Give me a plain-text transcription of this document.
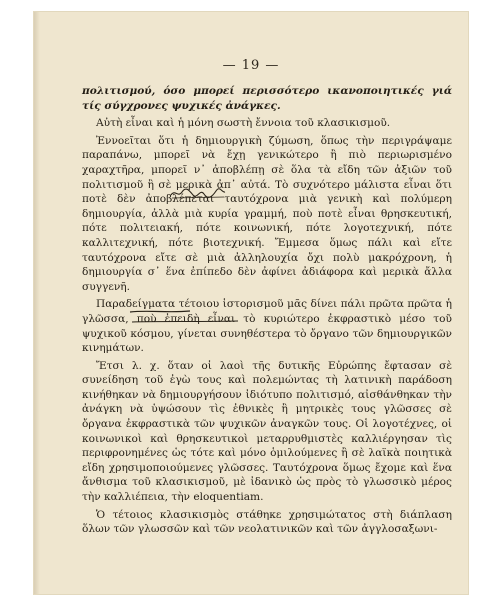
— 19 —

πολιτισμού, όσο μπορεί περισσότερο ικανοποιητικές γιά τίς σύγχρονες ψυχικές ἀνάγκες.

Αὐτὴ εἶναι καὶ ἡ μόνη σωστὴ ἔννοια τοῦ κλασικισμοῦ.

Ἐννοεῖται ὅτι ἡ δημιουργικὴ ζύμωση, ὅπως τὴν περιγράψαμε παραπάνω, μπορεῖ νὰ ἔχῃ γενικώτερο ἢ πιὸ περιωρισμένο χαραχτῆρα, μπορεῖ ν᾿ ἀποβλέπῃ σὲ ὅλα τὰ εἴδη τῶν ἀξιῶν τοῦ πολιτισμοῦ ἢ σὲ μερικὰ ἀπ᾿ αὐτά. Τὸ συχνότερο μάλιστα εἶναι ὅτι ποτὲ δὲν ἀποβλέπεται ταυτόχρονα μιὰ γενικὴ καὶ πολύμερη δημιουργία, ἀλλὰ μιὰ κυρία γραμμή, ποὺ ποτὲ εἶναι θρησκευτική, πότε πολιτειακή, πότε κοινωνική, πότε λογοτεχνική, πότε καλλιτεχνική, πότε βιοτεχνική. Ἔμμεσα ὅμως πάλι καὶ εἴτε ταυτόχρονα εἴτε σὲ μιὰ ἀλληλουχία ὄχι πολὺ μακρόχρονη, ἡ δημιουργία σ᾿ ἕνα ἐπίπεδο δὲν ἀφίνει ἀδιάφορα καὶ μερικὰ ἄλλα συγγενῆ.

Παραδείγματα τέτοιου ἱστορισμοῦ μᾶς δίνει πάλι πρῶτα πρῶτα ἡ γλῶσσα, ποὺ ἐπειδὴ εἶναι τὸ κυριώτερο ἐκφραστικὸ μέσο τοῦ ψυχικοῦ κόσμου, γίνεται συνηθέστερα τὸ ὄργανο τῶν δημιουργικῶν κινημάτων.

Ἔτσι λ. χ. ὅταν οἱ λαοὶ τῆς δυτικῆς Εὐρώπης ἔφτασαν σὲ συνείδηση τοῦ ἐγὼ τους καὶ πολεμώντας τὴ λατινικὴ παράδοση κινήθηκαν νὰ δημιουργήσουν ἰδιότυπο πολιτισμό, αἰσθάνθηκαν τὴν ἀνάγκη νὰ ὑψώσουν τὶς ἐθνικὲς ἢ μητρικὲς τους γλῶσσες σὲ ὄργανα ἐκφραστικὰ τῶν ψυχικῶν ἀναγκῶν τους. Οἱ λογοτέχνες, οἱ κοινωνικοὶ καὶ θρησκευτικοὶ μεταρρυθμιστὲς καλλιέργησαν τὶς περιφρονημένες ὡς τότε καὶ μόνο ὁμιλούμενες ἢ σὲ λαϊκὰ ποιητικὰ εἴδη χρησιμοποιούμενες γλῶσσες. Ταυτόχρονα ὅμως ἔχομε καὶ ἕνα ἄνθισμα τοῦ κλασικισμοῦ, μὲ ἰδανικὸ ὡς πρὸς τὸ γλωσσικὸ μέρος τὴν καλλιέπεια, τὴν eloquentiam.

Ὁ τέτοιος κλασικισμὸς στάθηκε χρησιμώτατος στὴ διάπλαση ὅλων τῶν γλωσσῶν καὶ τῶν νεολατινικῶν καὶ τῶν ἀγγλοσαξωνι-
